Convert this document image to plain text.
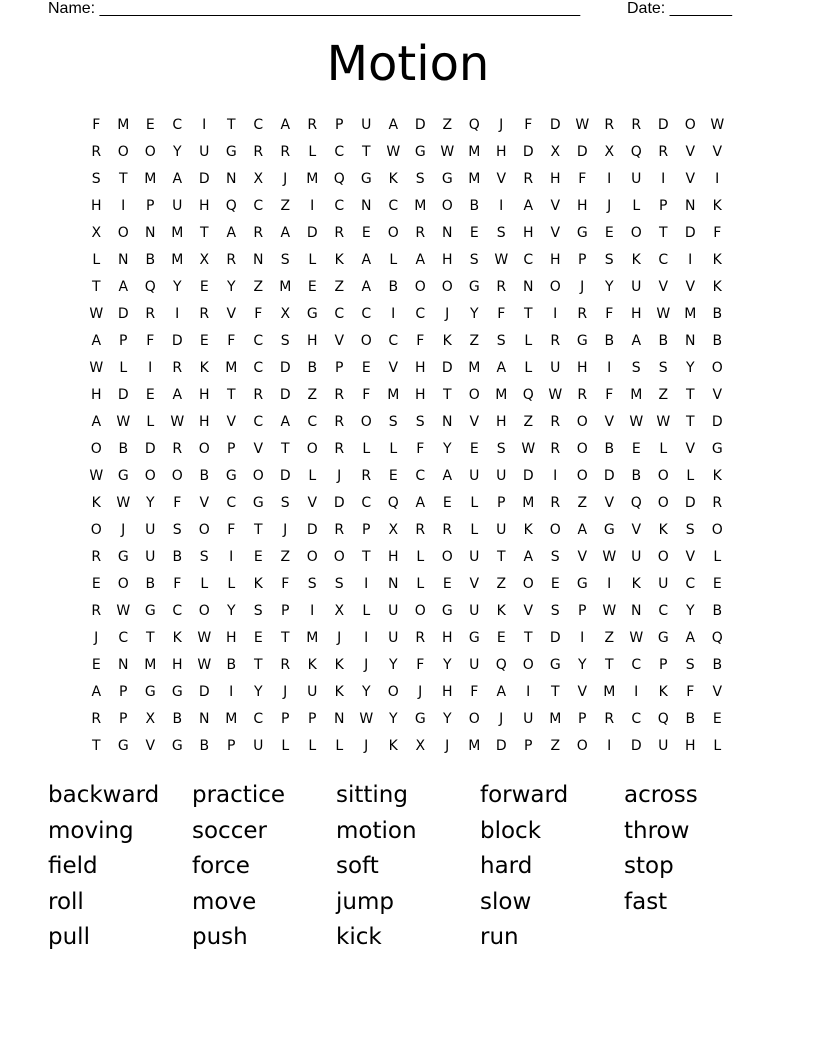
Name: ______________________________________________________	Date: _______
Motion
F	M	E	C	I	T	C	A	R	P	U	A	D	Z	Q	J	F	D	W	R	R	D	O	W
R	O	O	Y	U	G	R	R	L	C	T	W	G	W M	H	D	X	D	X	Q	R	V	V
S	T	M	A	D	N	X	J	M	Q	G	K	S	G	M	V	R	H	F	I	U	I	V	I
H	I	P	U	H	Q	C	Z	I	C	N	C	M	O	B	I	A	V	H	J	L	P	N	K
X	O	N	M	T	A	R	A	D	R	E	O	R	N	E	S	H	V	G	E	O	T	D	F
L	N	B	M	X	R	N	S	L	K	A	L	A	H	S	W	C	H	P	S	K	C	I	K
T	A	Q	Y	E	Y	Z	M	E	Z	A	B	O	O	G	R	N	O	J	Y	U	V	V	K
W	D	R	I	R	V	F	X	G	C	C	I	C	J	Y	F	T	I	R	F	H	W M	B
A	P	F	D	E	F	C	S	H	V	O	C	F	K	Z	S	L	R	G	B	A	B	N	B
W	L	I	R	K	M	C	D	B	P	E	V	H	D	M	A	L	U	H	I	S	S	Y	O
H	D	E	A	H	T	R	D	Z	R	F	M	H	T	O	M	Q	W	R	F	M	Z	T	V
A	W	L	W	H	V	C	A	C	R	O	S	S	N	V	H	Z	R	O	V	W W	T	D
O	B	D	R	O	P	V	T	O	R	L	L	F	Y	E	S	W	R	O	B	E	L	V	G
W	G	O	O	B	G	O	D	L	J	R	E	C	A	U	U	D	I	O	D	B	O	L	K
K	W	Y	F	V	C	G	S	V	D	C	Q	A	E	L	P	M	R	Z	V	Q	O	D	R
O	J	U	S	O	F	T	J	D	R	P	X	R	R	L	U	K	O	A	G	V	K	S	O
R	G	U	B	S	I	E	Z	O	O	T	H	L	O	U	T	A	S	V	W	U	O	V	L
E	O	B	F	L	L	K	F	S	S	I	N	L	E	V	Z	O	E	G	I	K	U	C	E
R	W	G	C	O	Y	S	P	I	X	L	U	O	G	U	K	V	S	P	W	N	C	Y	B
J	C	T	K	W	H	E	T	M	J	I	U	R	H	G	E	T	D	I	Z	W	G	A	Q
E	N	M	H	W	B	T	R	K	K	J	Y	F	Y	U	Q	O	G	Y	T	C	P	S	B
A	P	G	G	D	I	Y	J	U	K	Y	O	J	H	F	A	I	T	V	M	I	K	F	V
R	P	X	B	N	M	C	P	P	N	W	Y	G	Y	O	J	U	M	P	R	C	Q	B	E
T	G	V	G	B	P	U	L	L	L	J	K	X	J	M	D	P	Z	O	I	D	U	H	L
backward	practice	sitting	forward	across
moving	soccer	motion	block	throw
field	force	soft	hard	stop
roll	move	jump	slow	fast
pull	push	kick	run
